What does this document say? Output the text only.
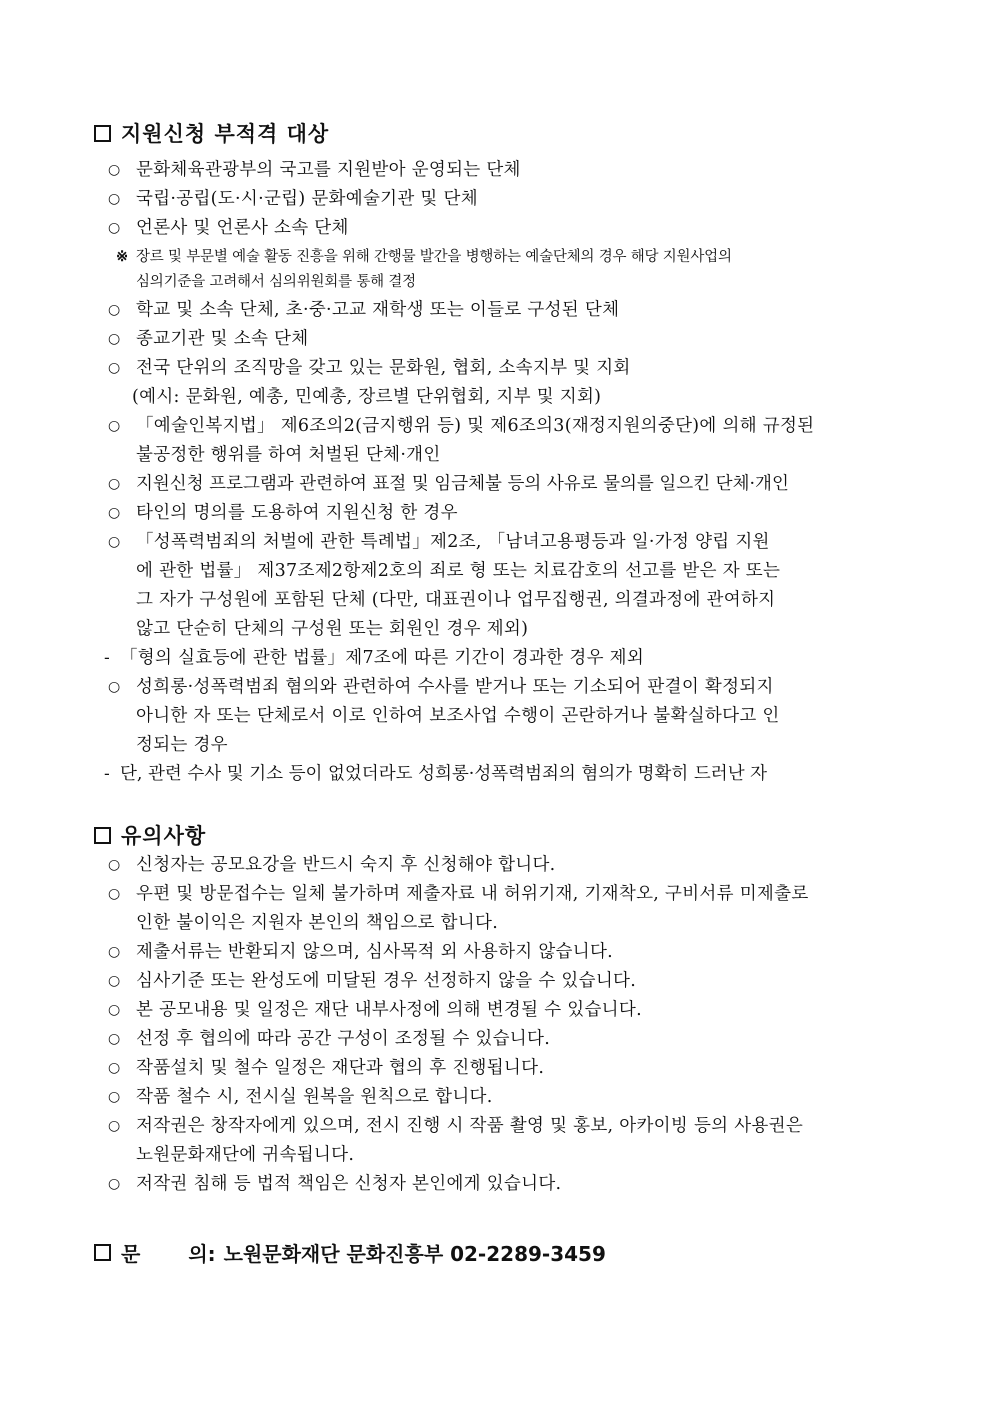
지원신청 부적격 대상
○ 문화체육관광부의 국고를 지원받아 운영되는 단체
○ 국립·공립(도·시·군립) 문화예술기관 및 단체
○ 언론사 및 언론사 소속 단체
※ 장르 및 부문별 예술 활동 진흥을 위해 간행물 발간을 병행하는 예술단체의 경우 해당 지원사업의
심의기준을 고려해서 심의위원회를 통해 결정
○ 학교 및 소속 단체, 초·중·고교 재학생 또는 이들로 구성된 단체
○ 종교기관 및 소속 단체
○ 전국 단위의 조직망을 갖고 있는 문화원, 협회, 소속지부 및 지회
(예시: 문화원, 예총, 민예총, 장르별 단위협회, 지부 및 지회)
○ 「예술인복지법」 제6조의2(금지행위 등) 및 제6조의3(재정지원의중단)에 의해 규정된
불공정한 행위를 하여 처벌된 단체·개인
○ 지원신청 프로그램과 관련하여 표절 및 임금체불 등의 사유로 물의를 일으킨 단체·개인
○ 타인의 명의를 도용하여 지원신청 한 경우
○ 「성폭력범죄의 처벌에 관한 특례법」제2조, 「남녀고용평등과 일·가정 양립 지원
에 관한 법률」 제37조제2항제2호의 죄로 형 또는 치료감호의 선고를 받은 자 또는
그 자가 구성원에 포함된 단체 (다만, 대표권이나 업무집행권, 의결과정에 관여하지
않고 단순히 단체의 구성원 또는 회원인 경우 제외)
- 「형의 실효등에 관한 법률」제7조에 따른 기간이 경과한 경우 제외
○ 성희롱·성폭력범죄 혐의와 관련하여 수사를 받거나 또는 기소되어 판결이 확정되지
아니한 자 또는 단체로서 이로 인하여 보조사업 수행이 곤란하거나 불확실하다고 인
정되는 경우
- 단, 관련 수사 및 기소 등이 없었더라도 성희롱·성폭력범죄의 혐의가 명확히 드러난 자
유의사항
○ 신청자는 공모요강을 반드시 숙지 후 신청해야 합니다.
○ 우편 및 방문접수는 일체 불가하며 제출자료 내 허위기재, 기재착오, 구비서류 미제출로
인한 불이익은 지원자 본인의 책임으로 합니다.
○ 제출서류는 반환되지 않으며, 심사목적 외 사용하지 않습니다.
○ 심사기준 또는 완성도에 미달된 경우 선정하지 않을 수 있습니다.
○ 본 공모내용 및 일정은 재단 내부사정에 의해 변경될 수 있습니다.
○ 선정 후 협의에 따라 공간 구성이 조정될 수 있습니다.
○ 작품설치 및 철수 일정은 재단과 협의 후 진행됩니다.
○ 작품 철수 시, 전시실 원복을 원칙으로 합니다.
○ 저작권은 창작자에게 있으며, 전시 진행 시 작품 촬영 및 홍보, 아카이빙 등의 사용권은
노원문화재단에 귀속됩니다.
○ 저작권 침해 등 법적 책임은 신청자 본인에게 있습니다.
문 의: 노원문화재단 문화진흥부 02-2289-3459
